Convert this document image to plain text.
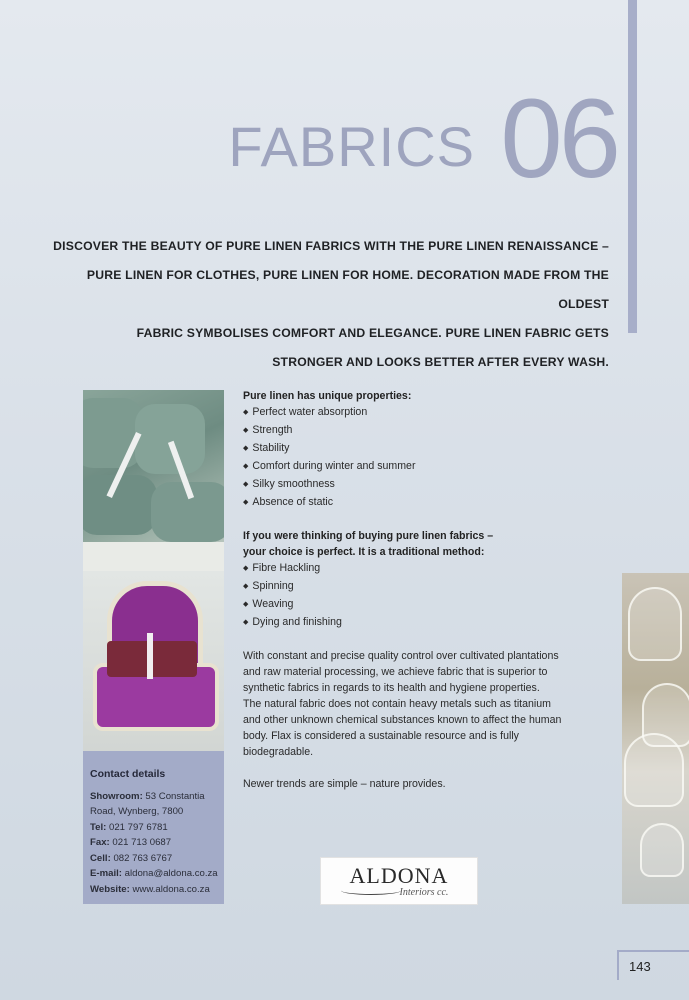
FABRICS 06
DISCOVER THE BEAUTY OF PURE LINEN FABRICS WITH THE PURE LINEN RENAISSANCE –
PURE LINEN FOR CLOTHES, PURE LINEN FOR HOME. DECORATION MADE FROM THE OLDEST
FABRIC SYMBOLISES COMFORT AND ELEGANCE. PURE LINEN FABRIC GETS
STRONGER AND LOOKS BETTER AFTER EVERY WASH.
Contact details
Showroom: 53 Constantia
Road, Wynberg, 7800
Tel: 021 797 6781
Fax: 021 713 0687
Cell: 082 763 6767
E-mail: aldona@aldona.co.za
Website: www.aldona.co.za

Pure linen has unique properties:

◆ Perfect water absorption
◆ Strength
◆ Stability
◆ Comfort during winter and summer
◆ Silky smoothness
◆ Absence of static

If you were thinking of buying pure linen fabrics –

your choice is perfect. It is a traditional method:

◆ Fibre Hackling
◆ Spinning
◆ Weaving
◆ Dying and finishing

With constant and precise quality control over cultivated plantations

and raw material processing, we achieve fabric that is superior to

synthetic fabrics in regards to its health and hygiene properties.

The natural fabric does not contain heavy metals such as titanium

and other unknown chemical substances known to affect the human

body. Flax is considered a sustainable resource and is fully

biodegradable.

Newer trends are simple – nature provides.

ALDONA
Interiors cc.
143
